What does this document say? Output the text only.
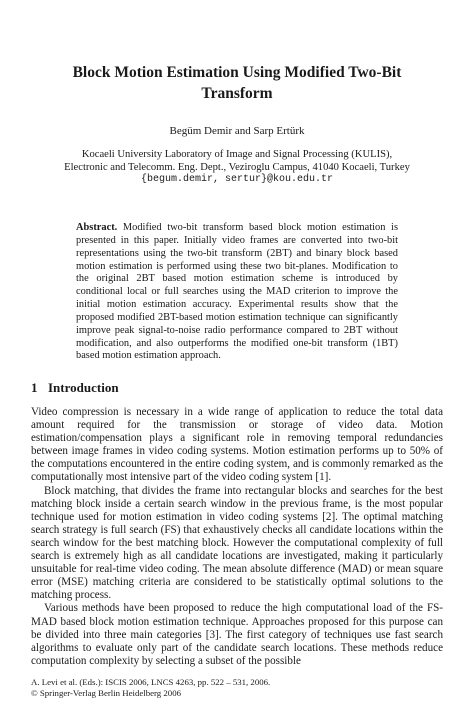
Block Motion Estimation Using Modified Two-Bit
Transform
Begüm Demir and Sarp Ertürk
Kocaeli University Laboratory of Image and Signal Processing (KULIS),
Electronic and Telecomm. Eng. Dept., Veziroglu Campus, 41040 Kocaeli, Turkey
{begum.demir, sertur}@kou.edu.tr
Abstract. Modified two-bit transform based block motion estimation is presented in this paper. Initially video frames are converted into two-bit representations using the two-bit transform (2BT) and binary block based motion estimation is performed using these two bit-planes. Modification to the original 2BT based motion estimation scheme is introduced by conditional local or full searches using the MAD criterion to improve the initial motion estimation accuracy. Experimental results show that the proposed modified 2BT-based motion estimation technique can significantly improve peak signal-to-noise radio performance compared to 2BT without modification, and also outperforms the modified one-bit transform (1BT) based motion estimation approach.
1 Introduction

Video compression is necessary in a wide range of application to reduce the total data amount required for the transmission or storage of video data. Motion estimation/compensation plays a significant role in removing temporal redundancies between image frames in video coding systems. Motion estimation performs up to 50% of the computations encountered in the entire coding system, and is commonly remarked as the computationally most intensive part of the video coding system [1].

Block matching, that divides the frame into rectangular blocks and searches for the best matching block inside a certain search window in the previous frame, is the most popular technique used for motion estimation in video coding systems [2]. The optimal matching search strategy is full search (FS) that exhaustively checks all candidate locations within the search window for the best matching block. However the computational complexity of full search is extremely high as all candidate locations are investigated, making it particularly unsuitable for real-time video coding. The mean absolute difference (MAD) or mean square error (MSE) matching criteria are considered to be statistically optimal solutions to the matching process.

Various methods have been proposed to reduce the high computational load of the FS-MAD based block motion estimation technique. Approaches proposed for this purpose can be divided into three main categories [3]. The first category of techniques use fast search algorithms to evaluate only part of the candidate search locations. These methods reduce computation complexity by selecting a subset of the possible

A. Levi et al. (Eds.): ISCIS 2006, LNCS 4263, pp. 522 – 531, 2006.
© Springer-Verlag Berlin Heidelberg 2006
